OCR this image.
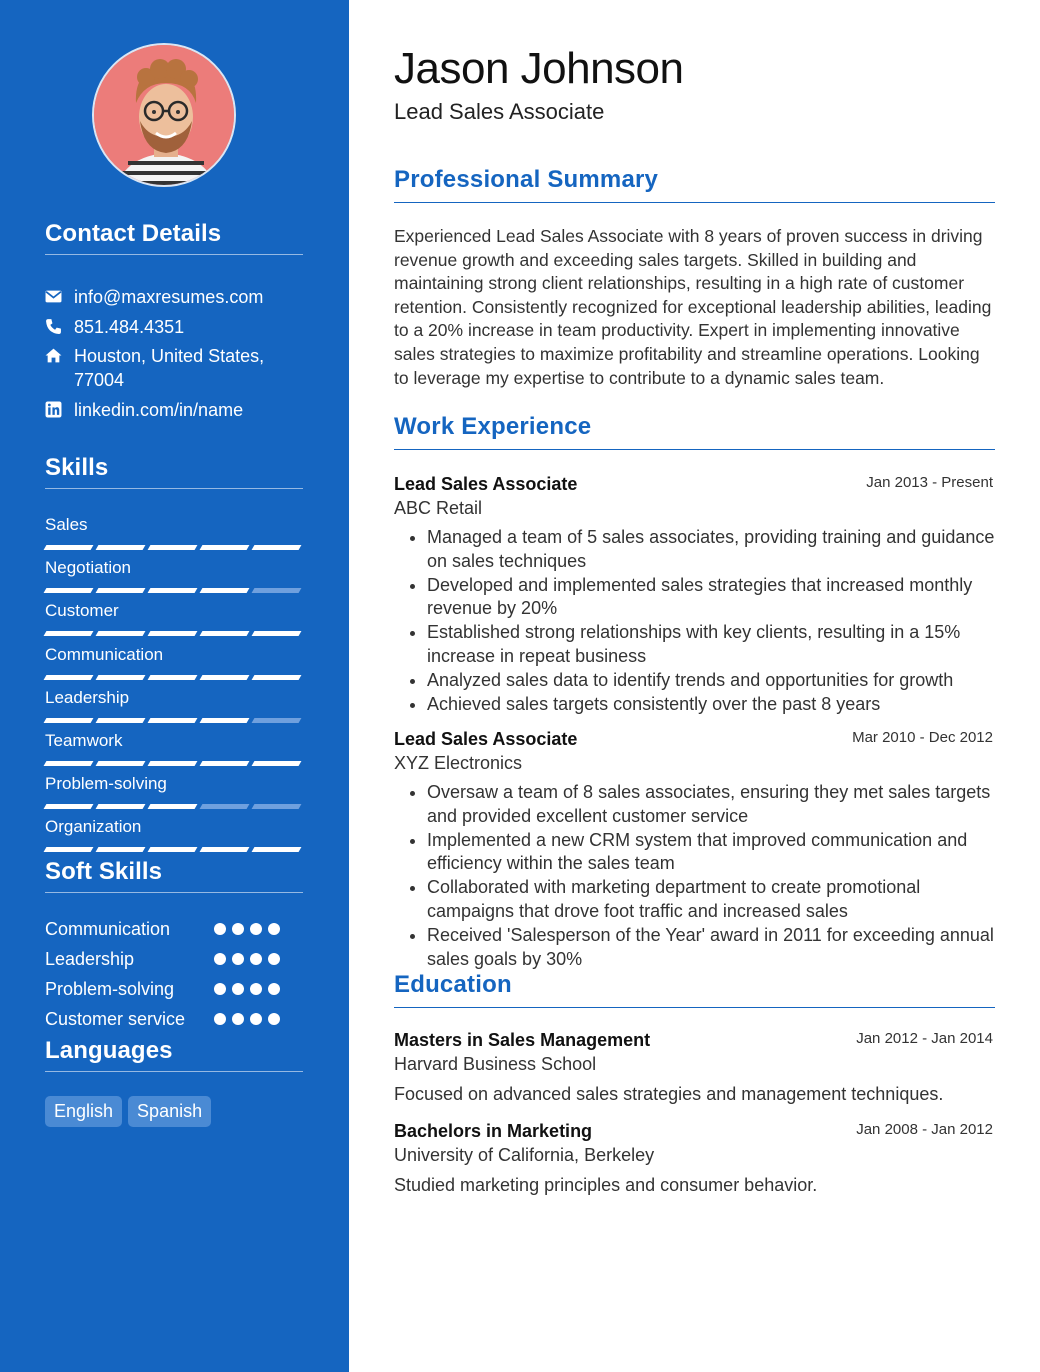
Contact Details
info@maxresumes.com
851.484.4351
Houston, United States, 77004
linkedin.com/in/name
Skills
Sales
Negotiation
Customer
Communication
Leadership
Teamwork
Problem-solving
Organization
Soft Skills
Communication
Leadership
Problem-solving
Customer service
Languages
English	Spanish
Jason Johnson
Lead Sales Associate
Professional Summary
Experienced Lead Sales Associate with 8 years of proven success in driving revenue growth and exceeding sales targets. Skilled in building and maintaining strong client relationships, resulting in a high rate of customer retention. Consistently recognized for exceptional leadership abilities, leading to a 20% increase in team productivity. Expert in implementing innovative sales strategies to maximize profitability and streamline operations. Looking to leverage my expertise to contribute to a dynamic sales team.
Work Experience
Lead Sales Associate	Jan 2013 - Present
ABC Retail
• Managed a team of 5 sales associates, providing training and guidance on sales techniques
• Developed and implemented sales strategies that increased monthly revenue by 20%
• Established strong relationships with key clients, resulting in a 15% increase in repeat business
• Analyzed sales data to identify trends and opportunities for growth
• Achieved sales targets consistently over the past 8 years
Lead Sales Associate	Mar 2010 - Dec 2012
XYZ Electronics
• Oversaw a team of 8 sales associates, ensuring they met sales targets and provided excellent customer service
• Implemented a new CRM system that improved communication and efficiency within the sales team
• Collaborated with marketing department to create promotional campaigns that drove foot traffic and increased sales
• Received 'Salesperson of the Year' award in 2011 for exceeding annual sales goals by 30%
Education
Masters in Sales Management	Jan 2012 - Jan 2014
Harvard Business School
Focused on advanced sales strategies and management techniques.
Bachelors in Marketing	Jan 2008 - Jan 2012
University of California, Berkeley
Studied marketing principles and consumer behavior.
